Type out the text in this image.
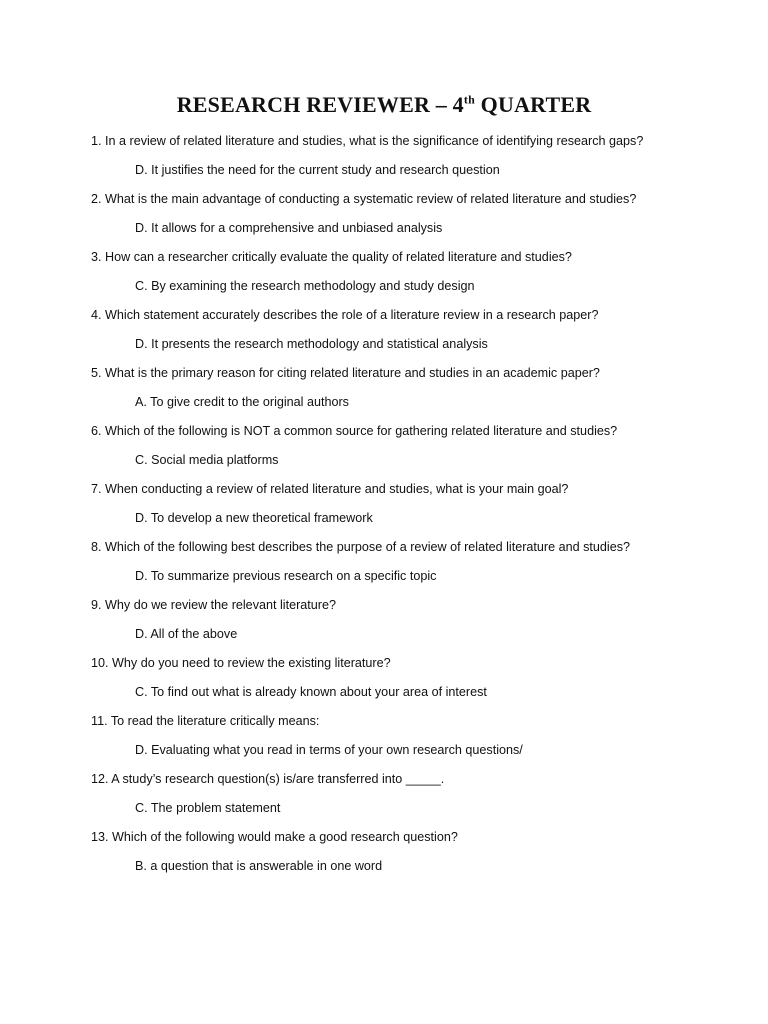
RESEARCH REVIEWER – 4th QUARTER
1. In a review of related literature and studies, what is the significance of identifying research gaps?
D. It justifies the need for the current study and research question
2. What is the main advantage of conducting a systematic review of related literature and studies?
D. It allows for a comprehensive and unbiased analysis
3. How can a researcher critically evaluate the quality of related literature and studies?
C. By examining the research methodology and study design
4. Which statement accurately describes the role of a literature review in a research paper?
D. It presents the research methodology and statistical analysis
5. What is the primary reason for citing related literature and studies in an academic paper?
A. To give credit to the original authors
6. Which of the following is NOT a common source for gathering related literature and studies?
C. Social media platforms
7. When conducting a review of related literature and studies, what is your main goal?
D. To develop a new theoretical framework
8. Which of the following best describes the purpose of a review of related literature and studies?
D. To summarize previous research on a specific topic
9. Why do we review the relevant literature?
D. All of the above
10. Why do you need to review the existing literature?
C. To find out what is already known about your area of interest
11. To read the literature critically means:
D. Evaluating what you read in terms of your own research questions/
12. A study’s research question(s) is/are transferred into _____.
C. The problem statement
13. Which of the following would make a good research question?
B. a question that is answerable in one word
